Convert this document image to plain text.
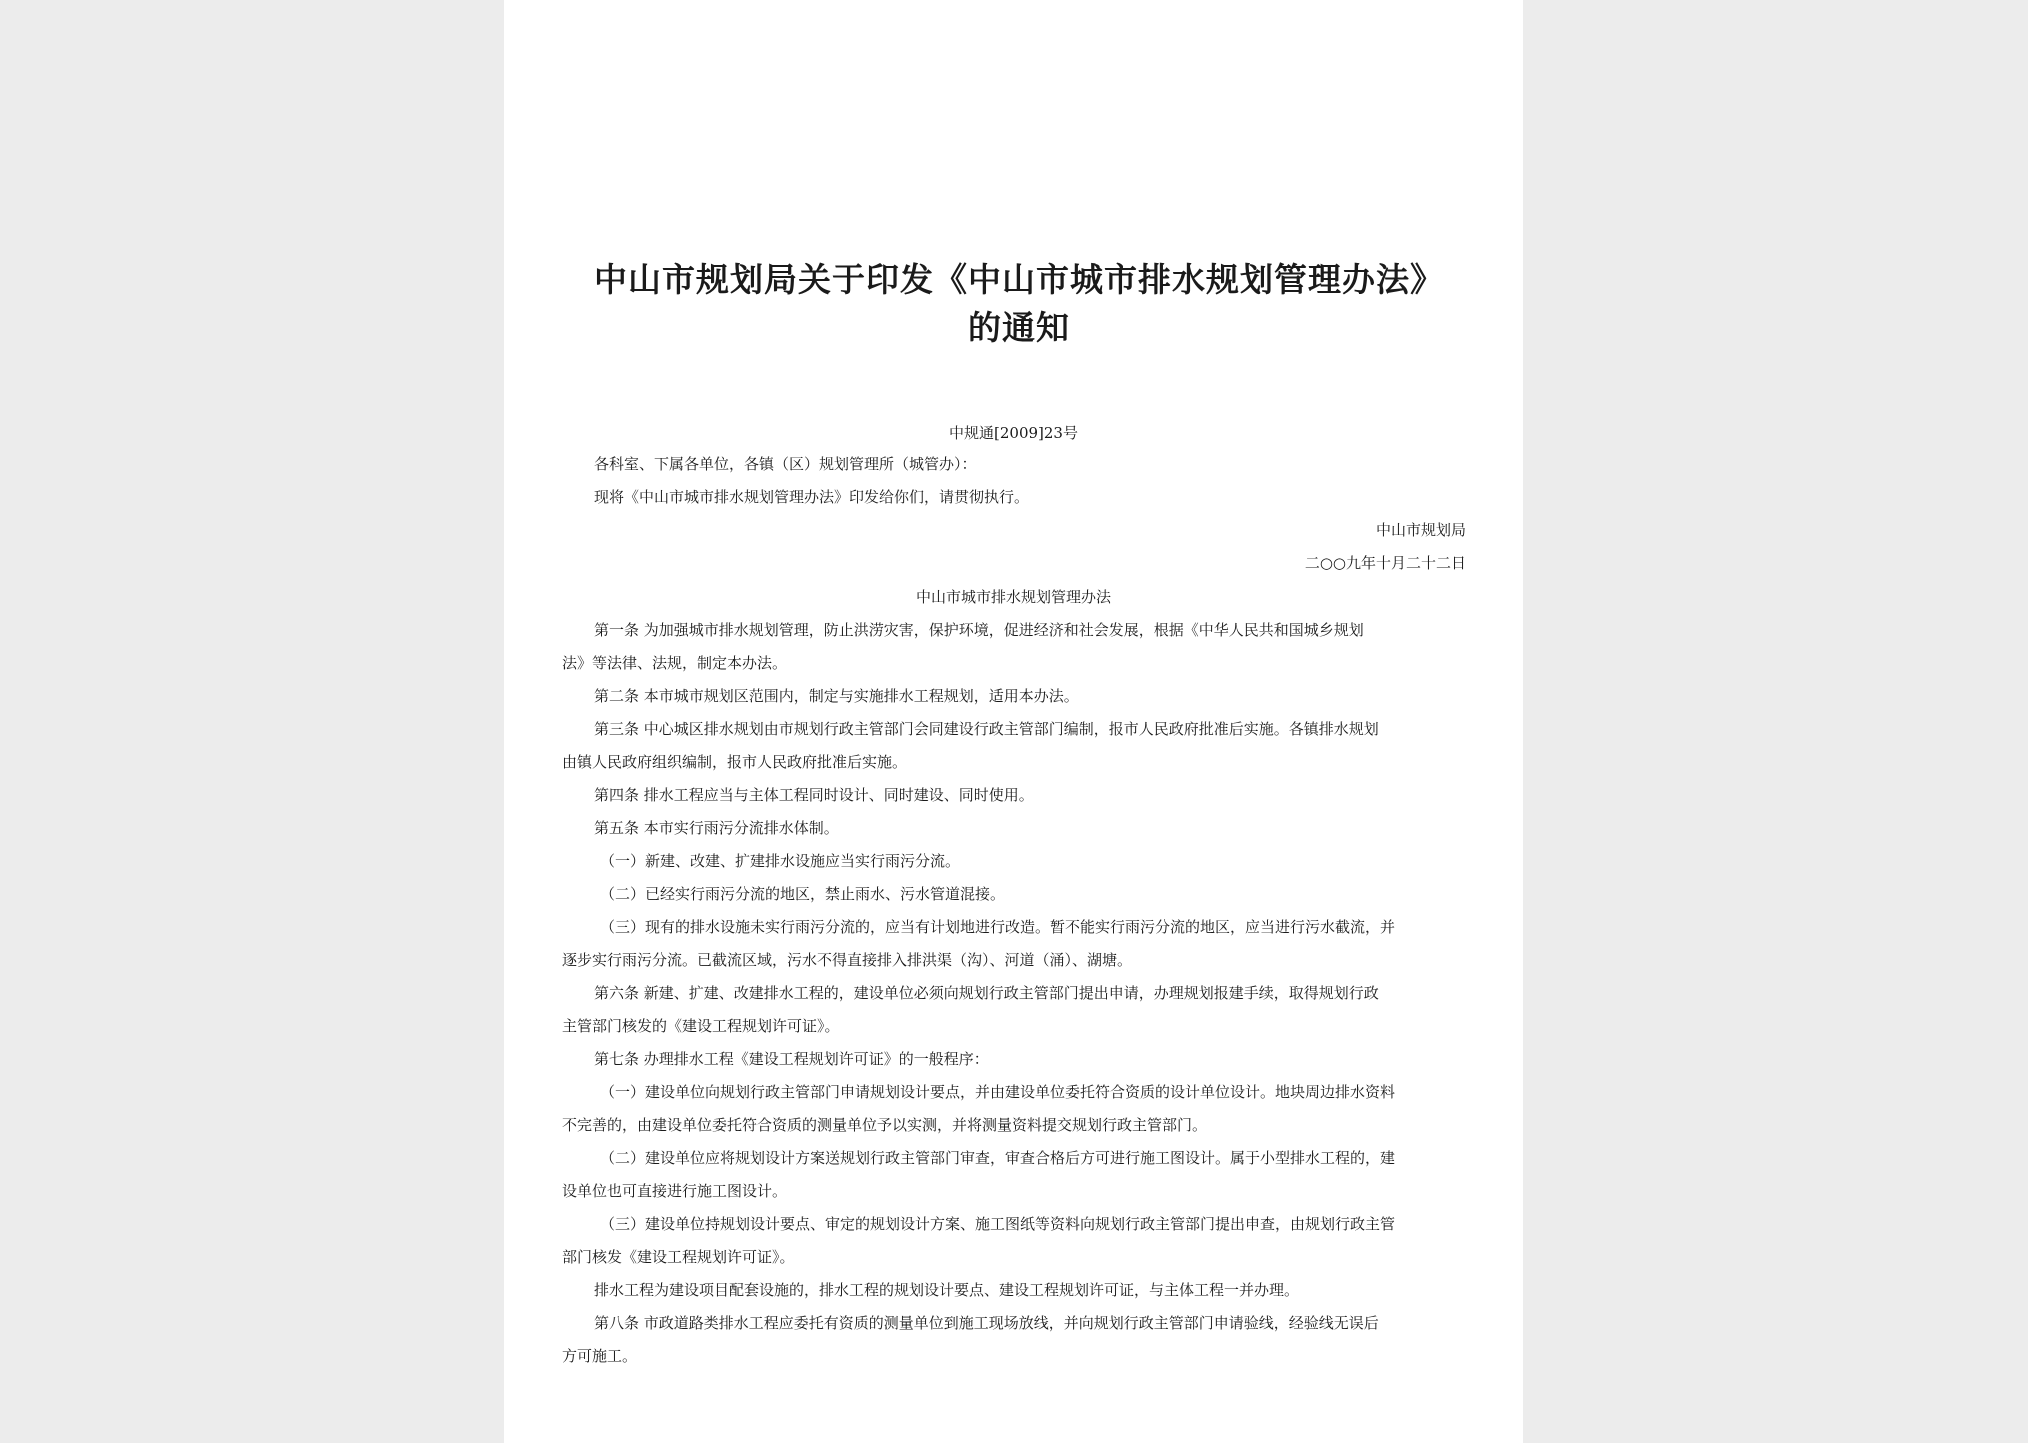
中山市规划局关于印发《中山市城市排水规划管理办法》的通知
中规通[2009]23号

各科室、下属各单位，各镇（区）规划管理所（城管办）：

现将《中山市城市排水规划管理办法》印发给你们，请贯彻执行。

中山市规划局

二○○九年十月二十二日

中山市城市排水规划管理办法

第一条 为加强城市排水规划管理，防止洪涝灾害，保护环境，促进经济和社会发展，根据《中华人民共和国城乡规划

法》等法律、法规，制定本办法。

第二条 本市城市规划区范围内，制定与实施排水工程规划，适用本办法。

第三条 中心城区排水规划由市规划行政主管部门会同建设行政主管部门编制，报市人民政府批准后实施。各镇排水规划

由镇人民政府组织编制，报市人民政府批准后实施。

第四条 排水工程应当与主体工程同时设计、同时建设、同时使用。

第五条 本市实行雨污分流排水体制。

（一）新建、改建、扩建排水设施应当实行雨污分流。

（二）已经实行雨污分流的地区，禁止雨水、污水管道混接。

（三）现有的排水设施未实行雨污分流的，应当有计划地进行改造。暂不能实行雨污分流的地区，应当进行污水截流，并

逐步实行雨污分流。已截流区域，污水不得直接排入排洪渠（沟）、河道（涌）、湖塘。

第六条 新建、扩建、改建排水工程的，建设单位必须向规划行政主管部门提出申请，办理规划报建手续，取得规划行政

主管部门核发的《建设工程规划许可证》。

第七条 办理排水工程《建设工程规划许可证》的一般程序：

（一）建设单位向规划行政主管部门申请规划设计要点，并由建设单位委托符合资质的设计单位设计。地块周边排水资料

不完善的，由建设单位委托符合资质的测量单位予以实测，并将测量资料提交规划行政主管部门。

（二）建设单位应将规划设计方案送规划行政主管部门审查，审查合格后方可进行施工图设计。属于小型排水工程的，建

设单位也可直接进行施工图设计。

（三）建设单位持规划设计要点、审定的规划设计方案、施工图纸等资料向规划行政主管部门提出申查，由规划行政主管

部门核发《建设工程规划许可证》。

排水工程为建设项目配套设施的，排水工程的规划设计要点、建设工程规划许可证，与主体工程一并办理。

第八条 市政道路类排水工程应委托有资质的测量单位到施工现场放线，并向规划行政主管部门申请验线，经验线无误后

方可施工。
